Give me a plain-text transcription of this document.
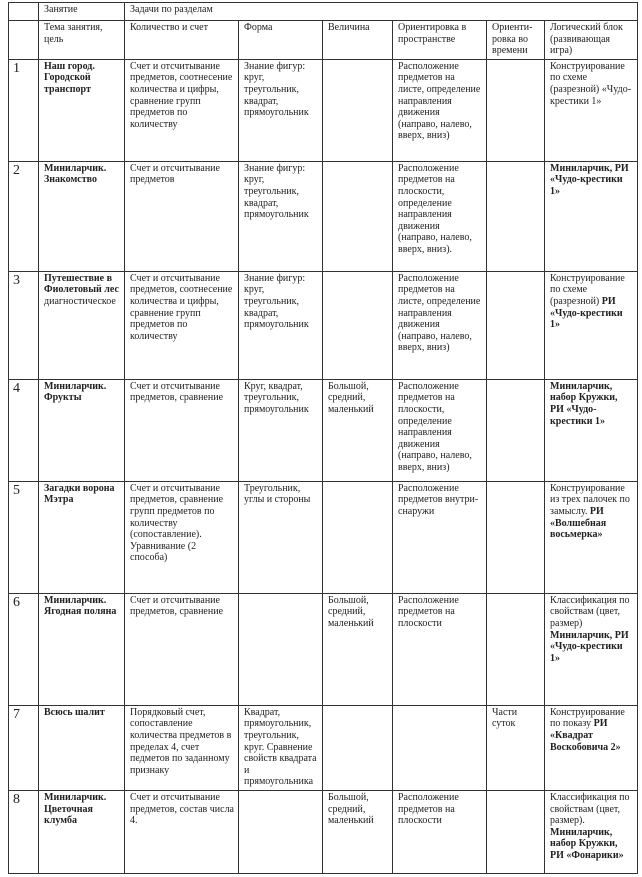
	Занятие	Задачи по разделам					
	Тема занятия, цель	Количество и счет	Форма	Величина	Ориентировка в пространстве	Ориенти-ровка во времени	Логический блок (развивающая игра)
1	Наш город. Городской транспорт	Счет и отсчитывание предметов, соотнесение количества и цифры, сравнение групп предметов по количеству	Знание фигур: круг, треугольник, квадрат, прямоугольник		Расположение предметов на листе, определение направления движения (направо, налево, вверх, вниз)		Конструирование по схеме (разрезной) «Чудо-крестики 1»
2	Миниларчик. Знакомство	Счет и отсчитывание предметов	Знание фигур: круг, треугольник, квадрат, прямоугольник		Расположение предметов на плоскости, определение направления движения (направо, налево, вверх, вниз).		Миниларчик, РИ «Чудо-крестики 1»
3	Путешествие в Фиолетовый лес диагностическое	Счет и отсчитывание предметов, соотнесение количества и цифры, сравнение групп предметов по количеству	Знание фигур: круг, треугольник, квадрат, прямоугольник		Расположение предметов на листе, определение направления движения (направо, налево, вверх, вниз)		Конструирование по схеме (разрезной) РИ «Чудо-крестики 1»
4	Миниларчик. Фрукты	Счет и отсчитывание предметов, сравнение	Круг, квадрат, треугольник, прямоугольник	Большой, средний, маленький	Расположение предметов на плоскости, определение направления движения (направо, налево, вверх, вниз)		Миниларчик, набор Кружки, РИ «Чудо-крестики 1»
5	Загадки ворона Мэтра	Счет и отсчитывание предметов, сравнение групп предметов по количеству (сопоставление). Уравнивание (2 способа)	Треугольник, углы и стороны		Расположение предметов внутри-снаружи		Конструирование из трех палочек по замыслу. РИ «Волшебная восьмерка»
6	Миниларчик. Ягодная поляна	Счет и отсчитывание предметов, сравнение		Большой, средний, маленький	Расположение предметов на плоскости		Классификация по свойствам (цвет, размер) Миниларчик, РИ «Чудо-крестики 1»
7	Всюсь шалит	Порядковый счет, сопоставление количества предметов в пределах 4, счет педметов по заданному признаку	Квадрат, прямоугольник, треугольник, круг. Сравнение свойств квадрата и прямоугольника			Части суток	Конструирование по показу РИ «Квадрат Воскобовича 2»
8	Миниларчик. Цветочная клумба	Счет и отсчитывание предметов, состав числа 4.		Большой, средний, маленький	Расположение предметов на плоскости		Классификация по свойствам (цвет, размер). Миниларчик, набор Кружки, РИ «Фонарики»
